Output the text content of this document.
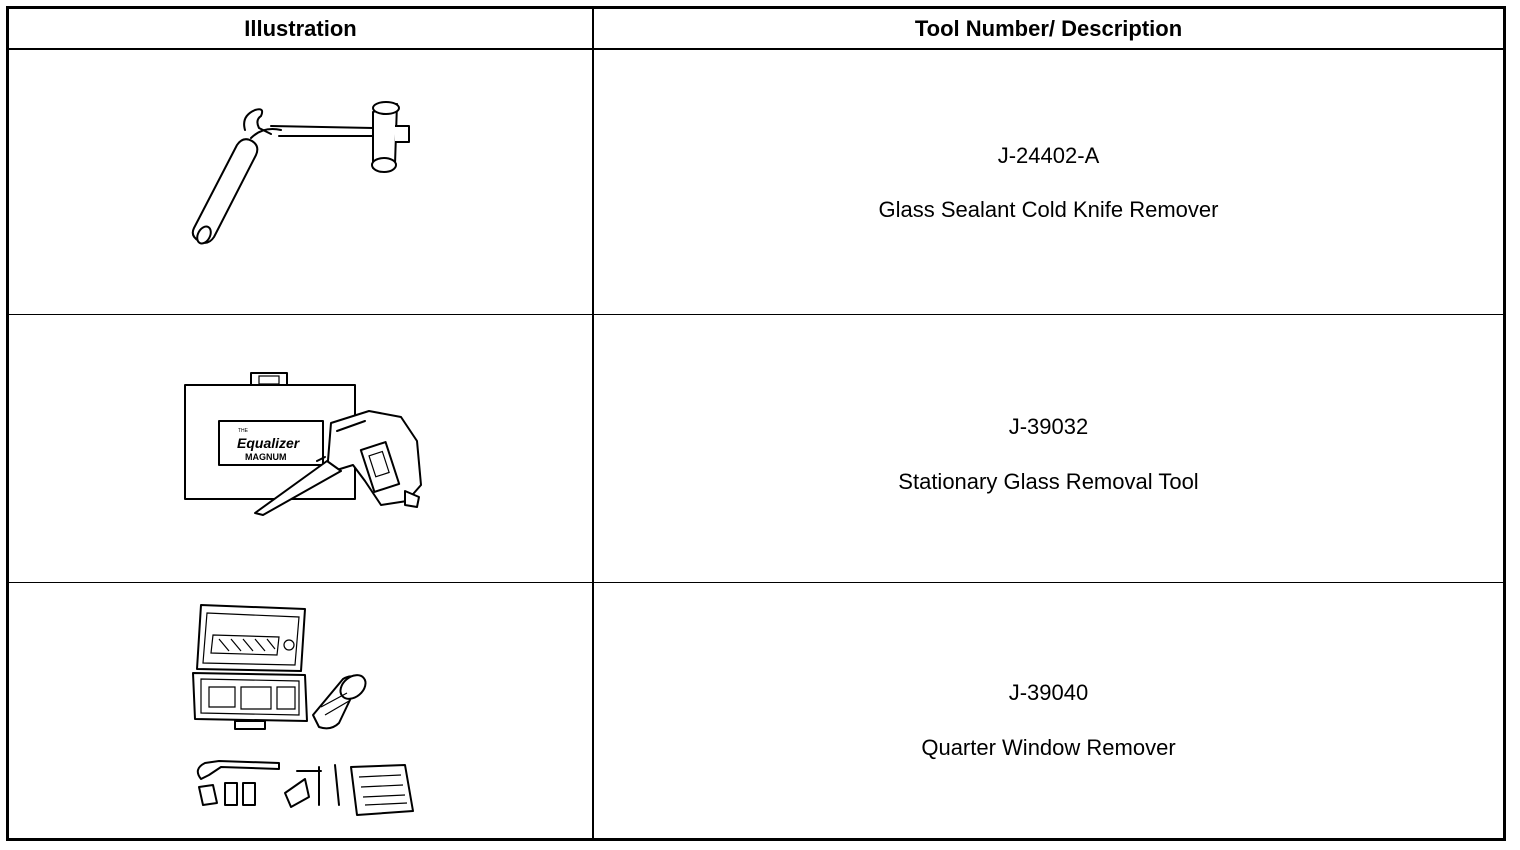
Illustration	Tool Number/ Description
J-24402-A
Glass Sealant Cold Knife Remover
THE
Equalizer
MAGNUM
J-39032
Stationary Glass Removal Tool
J-39040
Quarter Window Remover
